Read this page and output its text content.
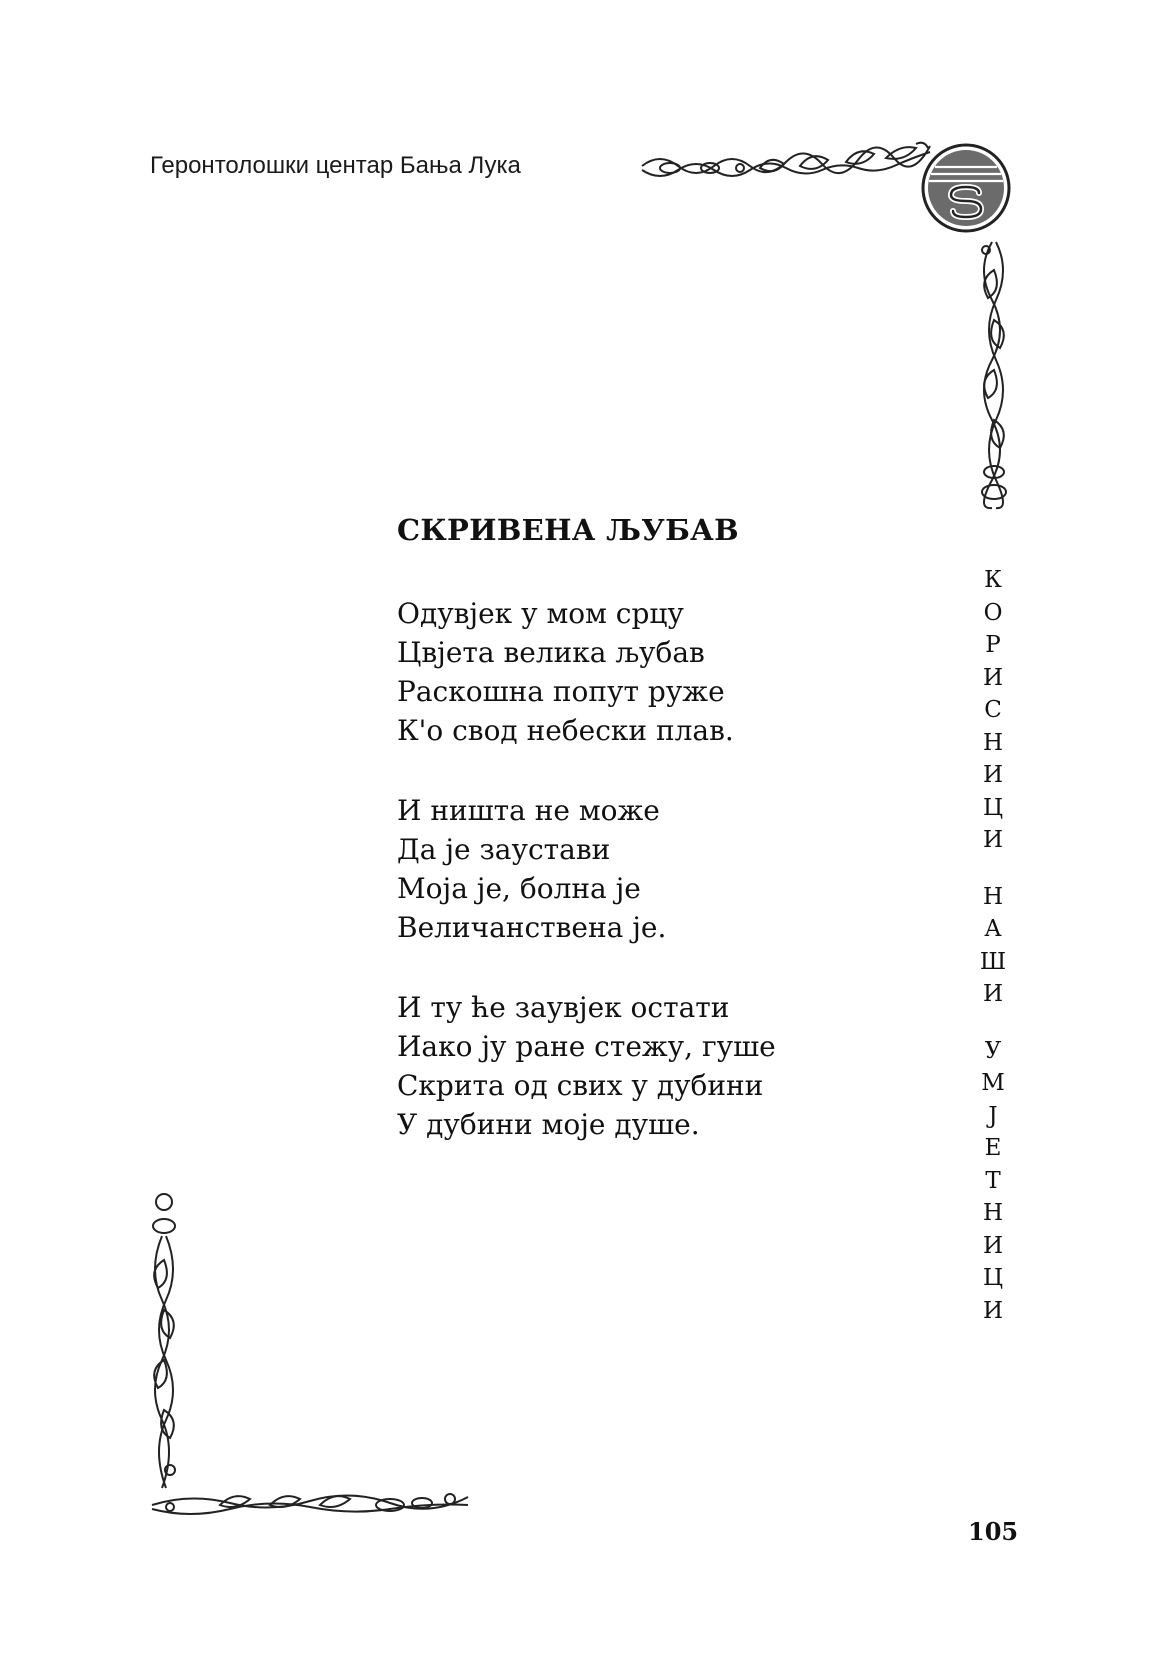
Геронтолошки центар Бања Лука
СКРИВЕНА ЉУБАВ
Одувјек у мом срцу
Цвјета велика љубав
Раскошна попут руже
К'о свод небески плав.
И ништа не може
Да је заустави
Моја је, болна је
Величанствена је.
И ту ће заувјек остати
Иако ју ране стежу, гуше
Скрита од свих у дубини
У дубини моје душе.
К
О
Р
И
С
Н
И
Ц
И
Н
А
Ш
И
У
М
Ј
Е
Т
Н
И
Ц
И
105
